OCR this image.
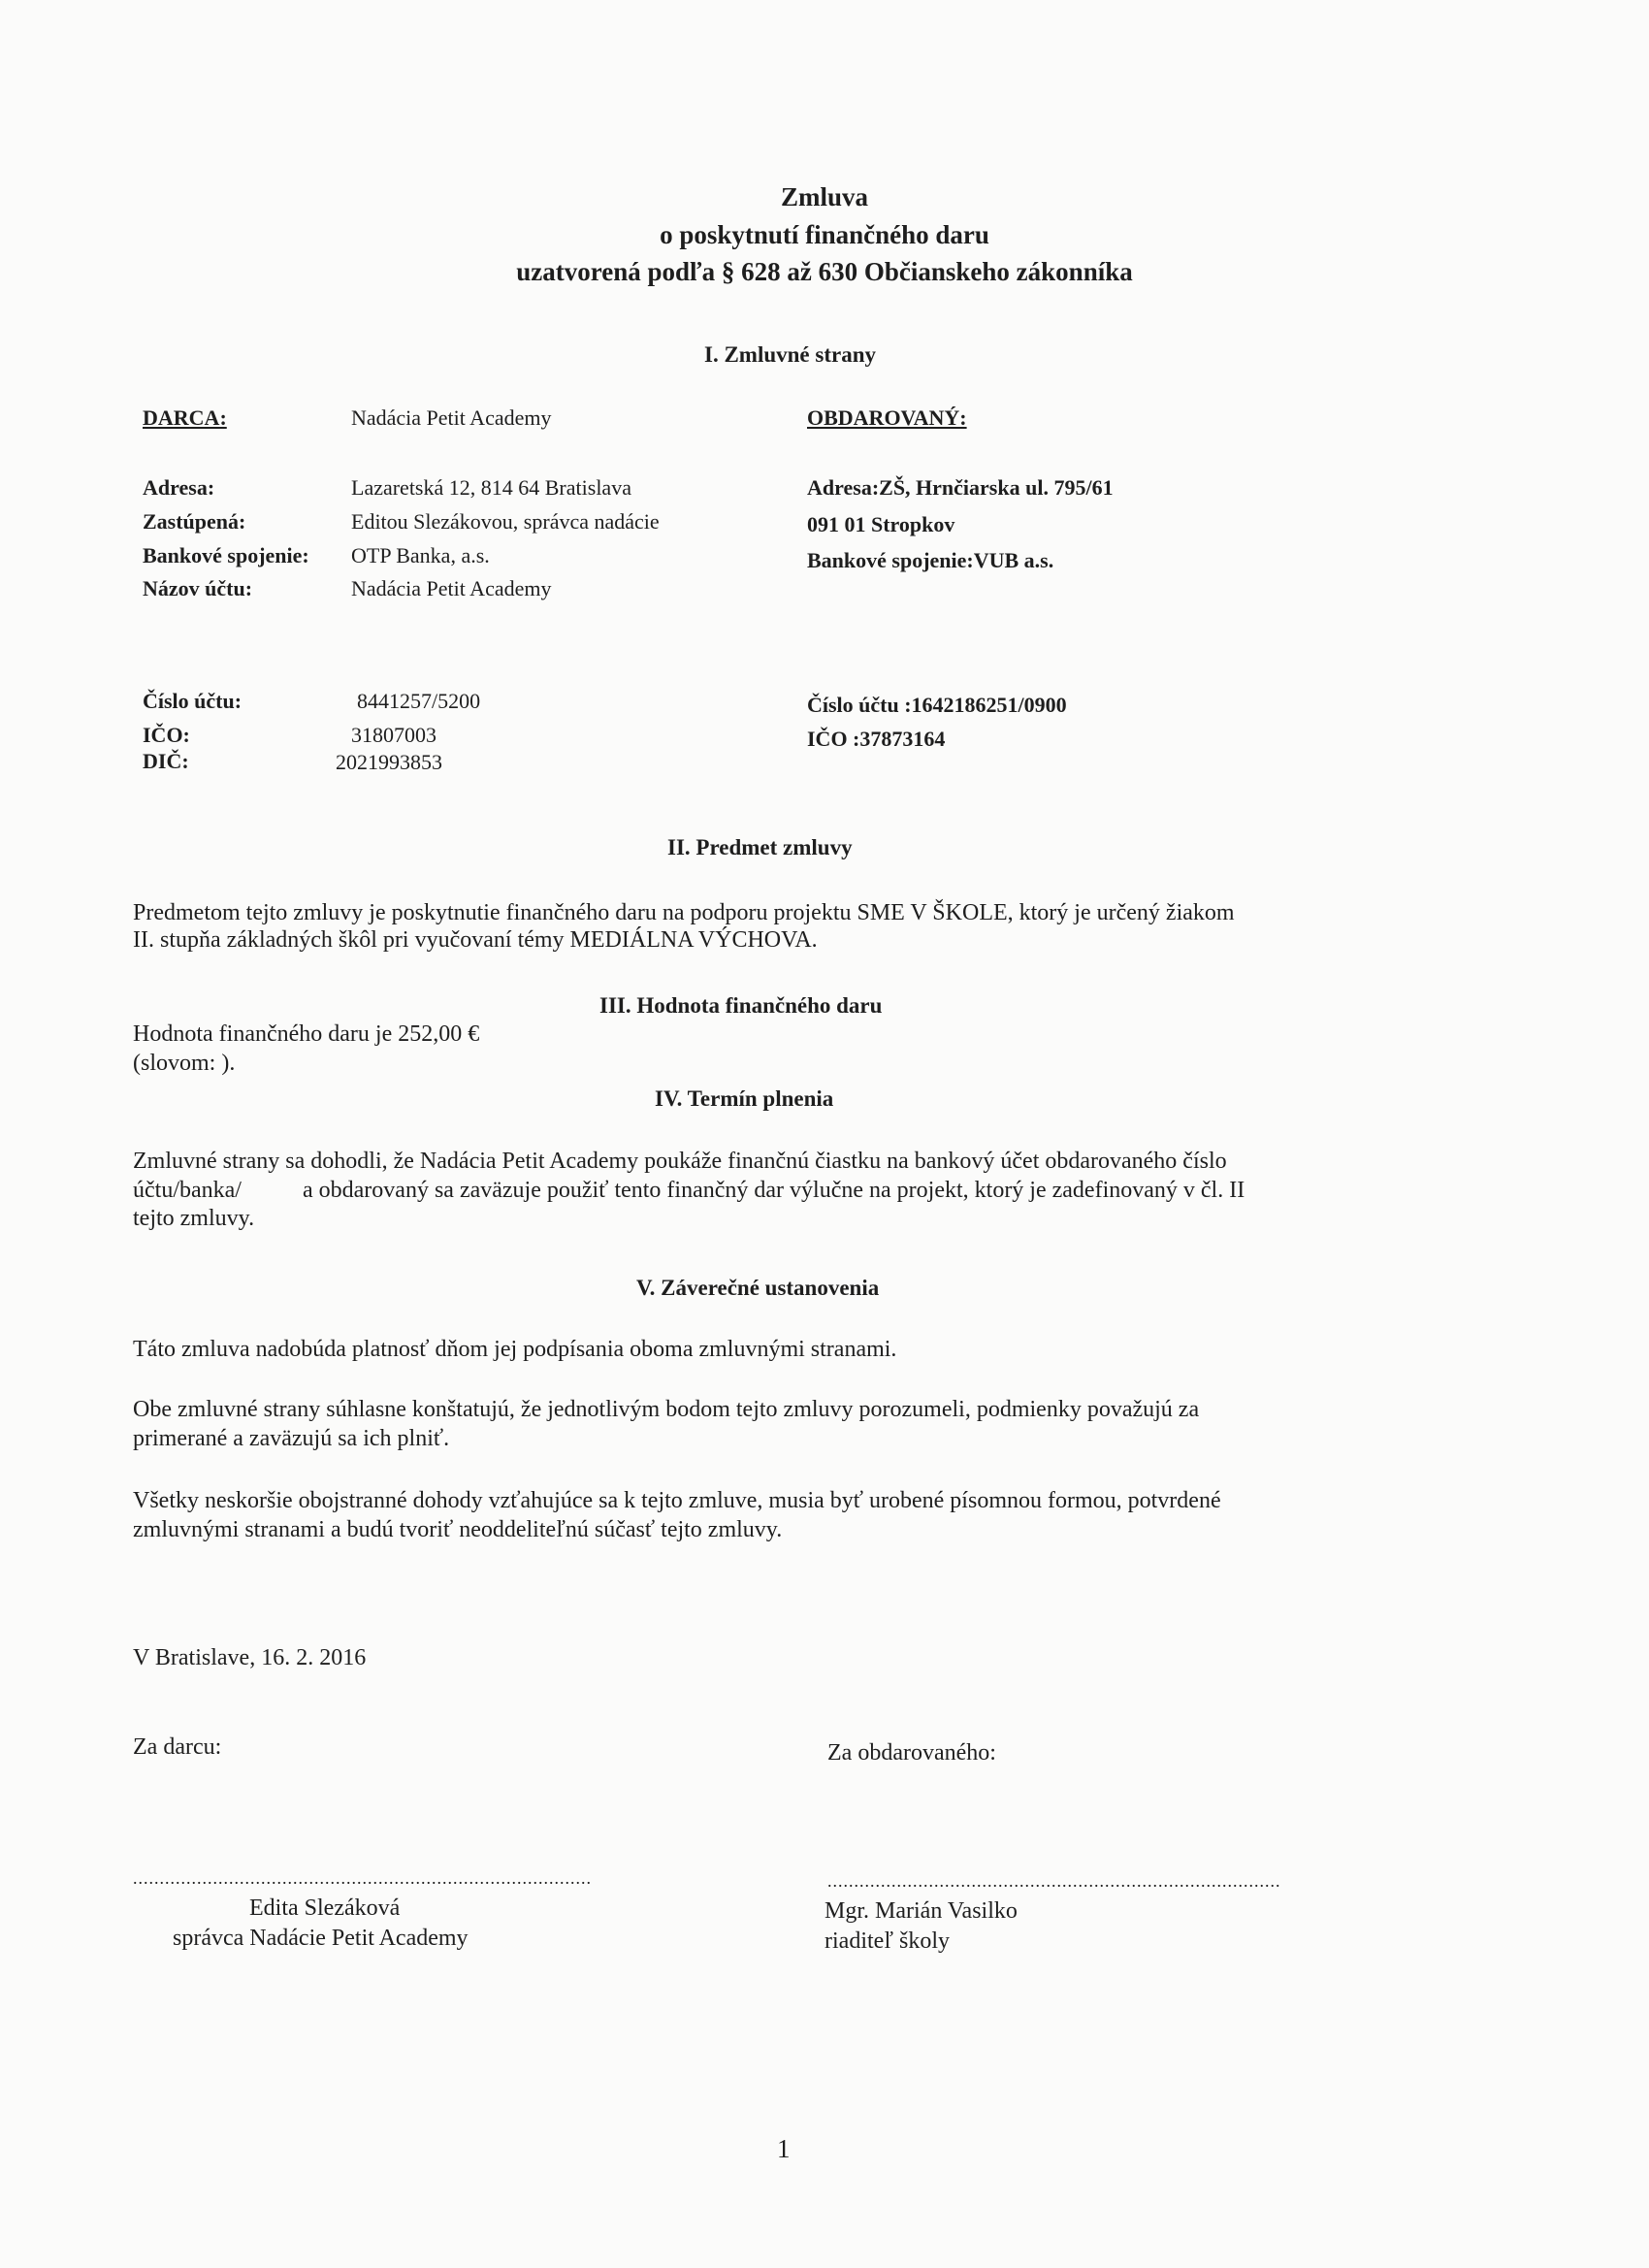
Zmluva
o poskytnutí finančného daru
uzatvorená podľa § 628 až 630 Občianskeho zákonníka
I. Zmluvné strany
DARCA:	Nadácia Petit Academy	OBDAROVANÝ:
Adresa:	Lazaretská 12, 814 64 Bratislava	Adresa:ZŠ, Hrnčiarska ul. 795/61
Zastúpená:	Editou Slezákovou, správca nadácie	091 01 Stropkov
Bankové spojenie: OTP Banka, a.s.	Bankové spojenie:VUB a.s.
Názov účtu:	Nadácia Petit Academy
Číslo účtu:	8441257/5200	Číslo účtu :1642186251/0900
IČO:	31807003	IČO :37873164
DIČ:	2021993853
II. Predmet zmluvy
Predmetom tejto zmluvy je poskytnutie finančného daru na podporu projektu SME V ŠKOLE, ktorý je určený žiakom
II. stupňa základných škôl pri vyučovaní témy MEDIÁLNA VÝCHOVA.
III. Hodnota finančného daru
Hodnota finančného daru je 252,00 €
(slovom: ).
IV. Termín plnenia
Zmluvné strany sa dohodli, že Nadácia Petit Academy poukáže finančnú čiastku na bankový účet obdarovaného číslo
účtu/banka/	a obdarovaný sa zaväzuje použiť tento finančný dar výlučne na projekt, ktorý je zadefinovaný v čl. II
tejto zmluvy.
V. Záverečné ustanovenia
Táto zmluva nadobúda platnosť dňom jej podpísania oboma zmluvnými stranami.
Obe zmluvné strany súhlasne konštatujú, že jednotlivým bodom tejto zmluvy porozumeli, podmienky považujú za
primerané a zaväzujú sa ich plniť.
Všetky neskoršie obojstranné dohody vzťahujúce sa k tejto zmluve, musia byť urobené písomnou formou, potvrdené
zmluvnými stranami a budú tvoriť neoddeliteľnú súčasť tejto zmluvy.
V Bratislave, 16. 2. 2016
Za darcu:	Za obdarovaného:
......................................................................................	.....................................................................................
Edita Slezáková
správca Nadácie Petit Academy
Mgr. Marián Vasilko
riaditeľ školy
1
